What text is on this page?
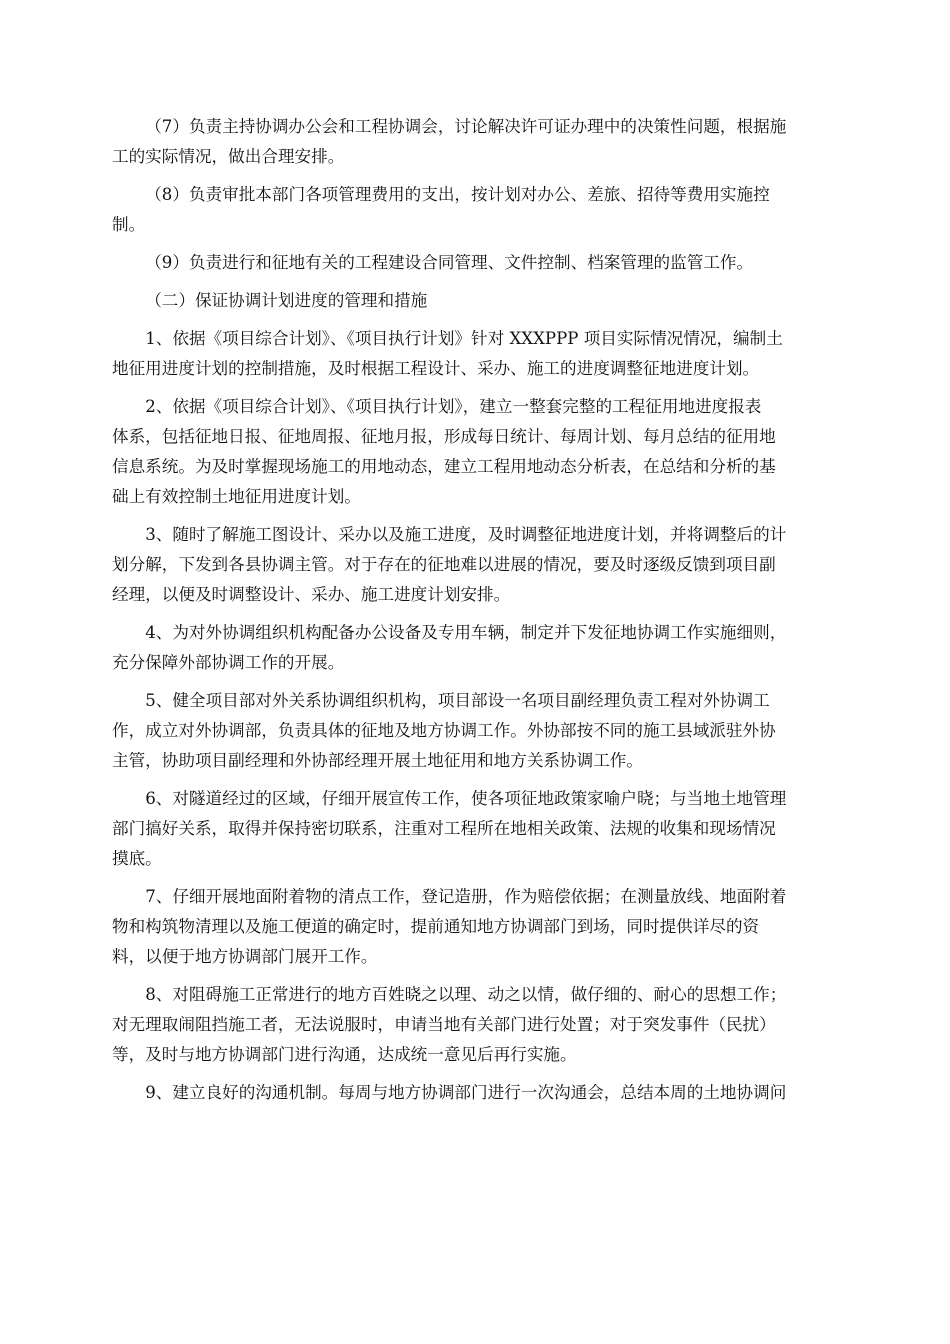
（7）负责主持协调办公会和工程协调会，讨论解决许可证办理中的决策性问题，根据施
工的实际情况，做出合理安排。
（8）负责审批本部门各项管理费用的支出，按计划对办公、差旅、招待等费用实施控
制。
（9）负责进行和征地有关的工程建设合同管理、文件控制、档案管理的监管工作。
（二）保证协调计划进度的管理和措施
1、依据《项目综合计划》、《项目执行计划》针对 XXXPPP 项目实际情况情况，编制土
地征用进度计划的控制措施，及时根据工程设计、采办、施工的进度调整征地进度计划。
2、依据《项目综合计划》、《项目执行计划》，建立一整套完整的工程征用地进度报表
体系，包括征地日报、征地周报、征地月报，形成每日统计、每周计划、每月总结的征用地
信息系统。为及时掌握现场施工的用地动态，建立工程用地动态分析表，在总结和分析的基
础上有效控制土地征用进度计划。
3、随时了解施工图设计、采办以及施工进度，及时调整征地进度计划，并将调整后的计
划分解，下发到各县协调主管。对于存在的征地难以进展的情况，要及时逐级反馈到项目副
经理，以便及时调整设计、采办、施工进度计划安排。
4、为对外协调组织机构配备办公设备及专用车辆，制定并下发征地协调工作实施细则，
充分保障外部协调工作的开展。
5、健全项目部对外关系协调组织机构，项目部设一名项目副经理负责工程对外协调工
作，成立对外协调部，负责具体的征地及地方协调工作。外协部按不同的施工县域派驻外协
主管，协助项目副经理和外协部经理开展土地征用和地方关系协调工作。
6、对隧道经过的区域，仔细开展宣传工作，使各项征地政策家喻户晓；与当地土地管理
部门搞好关系，取得并保持密切联系，注重对工程所在地相关政策、法规的收集和现场情况
摸底。
7、仔细开展地面附着物的清点工作，登记造册，作为赔偿依据；在测量放线、地面附着
物和构筑物清理以及施工便道的确定时，提前通知地方协调部门到场，同时提供详尽的资
料，以便于地方协调部门展开工作。
8、对阻碍施工正常进行的地方百姓晓之以理、动之以情，做仔细的、耐心的思想工作；
对无理取闹阻挡施工者，无法说服时，申请当地有关部门进行处置；对于突发事件（民扰）
等，及时与地方协调部门进行沟通，达成统一意见后再行实施。
9、建立良好的沟通机制。每周与地方协调部门进行一次沟通会，总结本周的土地协调问
